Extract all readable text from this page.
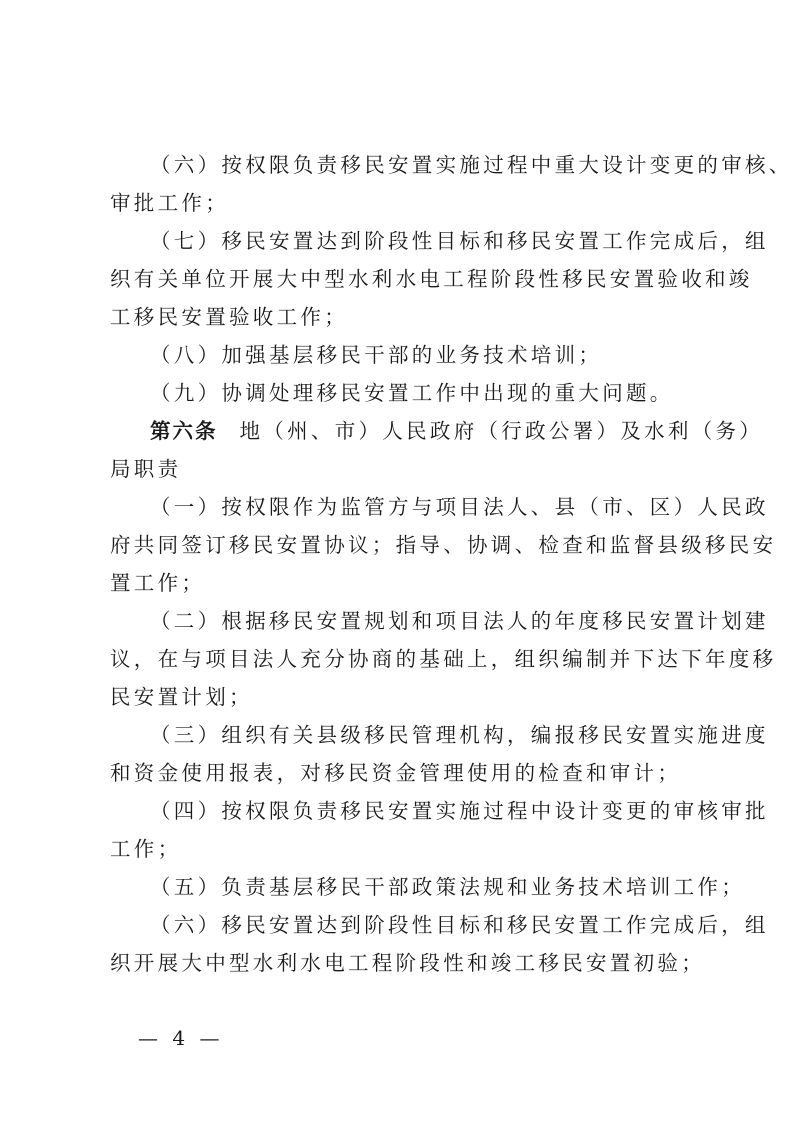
（六）按权限负责移民安置实施过程中重大设计变更的审核、
审批工作；
（七）移民安置达到阶段性目标和移民安置工作完成后，组
织有关单位开展大中型水利水电工程阶段性移民安置验收和竣
工移民安置验收工作；
（八）加强基层移民干部的业务技术培训；
（九）协调处理移民安置工作中出现的重大问题。
第六条 地（州、市）人民政府（行政公署）及水利（务）
局职责
（一）按权限作为监管方与项目法人、县（市、区）人民政
府共同签订移民安置协议；指导、协调、检查和监督县级移民安
置工作；
（二）根据移民安置规划和项目法人的年度移民安置计划建
议，在与项目法人充分协商的基础上，组织编制并下达下年度移
民安置计划；
（三）组织有关县级移民管理机构，编报移民安置实施进度
和资金使用报表，对移民资金管理使用的检查和审计；
（四）按权限负责移民安置实施过程中设计变更的审核审批
工作；
（五）负责基层移民干部政策法规和业务技术培训工作；
（六）移民安置达到阶段性目标和移民安置工作完成后，组
织开展大中型水利水电工程阶段性和竣工移民安置初验；
— 4 —
